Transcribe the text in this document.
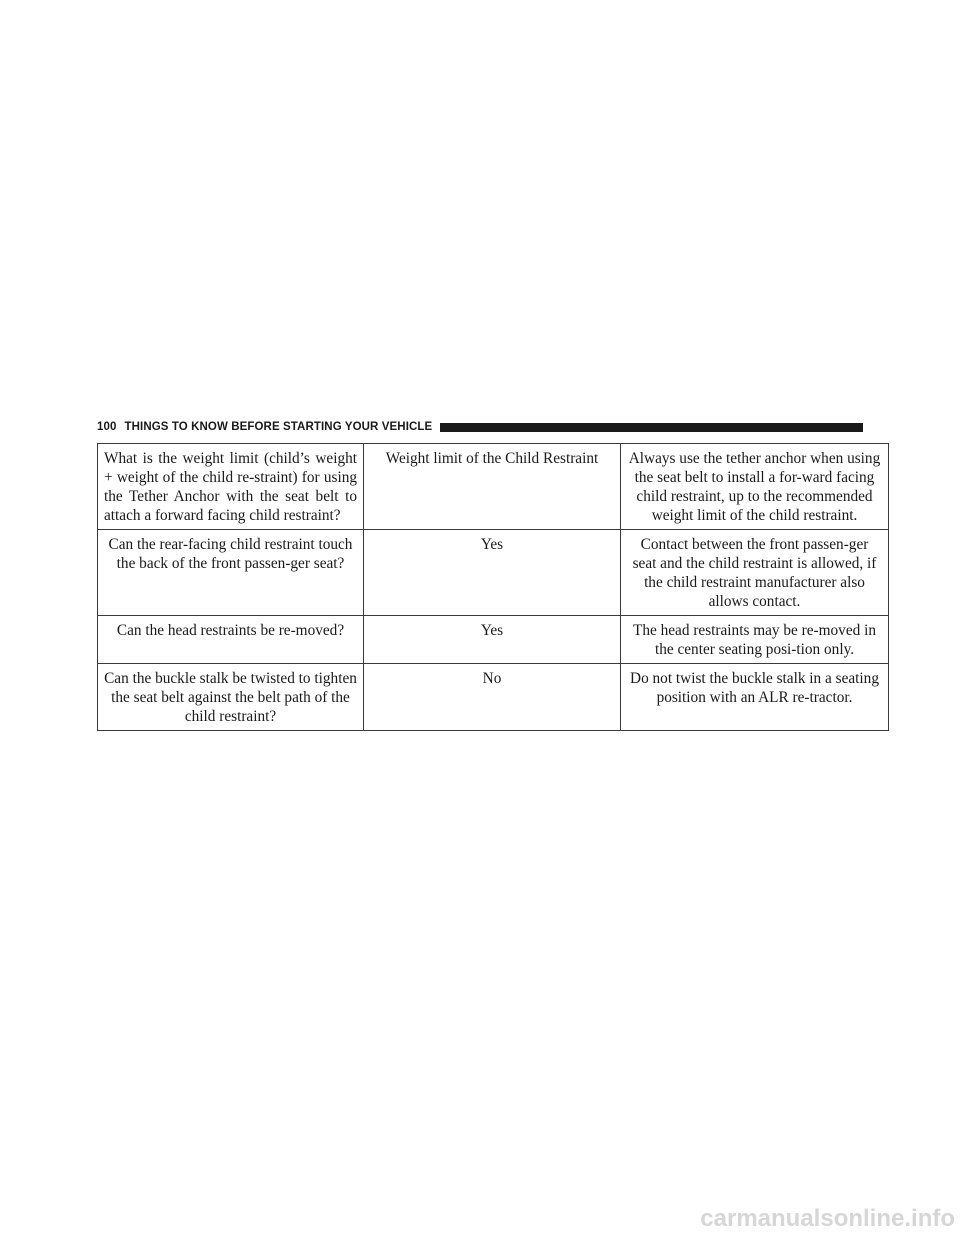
100 THINGS TO KNOW BEFORE STARTING YOUR VEHICLE
What is the weight limit (child’s weight + weight of the child re-straint) for using the Tether Anchor with the seat belt to attach a forward facing child restraint?	Weight limit of the Child Restraint	Always use the tether anchor when using the seat belt to install a for-ward facing child restraint, up to the recommended weight limit of the child restraint.
Can the rear-facing child restraint touch the back of the front passen-ger seat?	Yes	Contact between the front passen-ger seat and the child restraint is allowed, if the child restraint manufacturer also allows contact.
Can the head restraints be re-moved?	Yes	The head restraints may be re-moved in the center seating posi-tion only.
Can the buckle stalk be twisted to tighten the seat belt against the belt path of the child restraint?	No	Do not twist the buckle stalk in a seating position with an ALR re-tractor.
carmanualsonline.info
